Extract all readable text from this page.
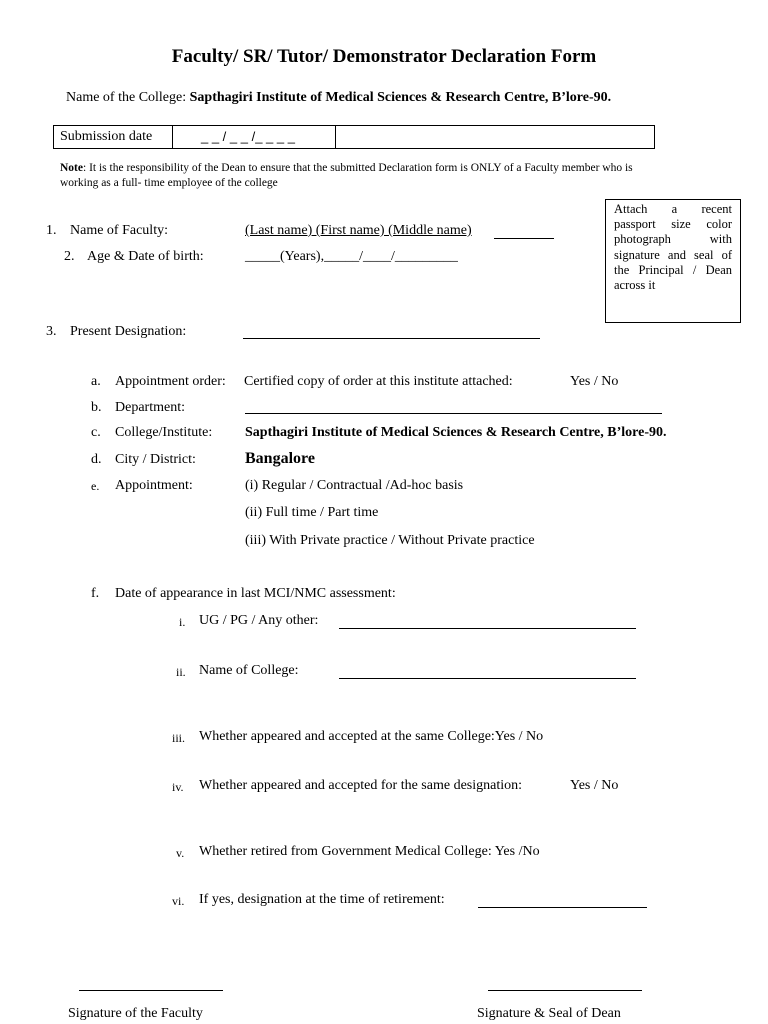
Faculty/ SR/ Tutor/ Demonstrator Declaration Form
Name of the College: Sapthagiri Institute of Medical Sciences & Research Centre, B’lore-90.
Submission date	_ _ / _ _ /_ _ _ _
Note: It is the responsibility of the Dean to ensure that the submitted Declaration form is ONLY of a Faculty member who is working as a full- time employee of the college
Attach a recent passport size color photograph with signature and seal of the Principal / Dean across it
1. Name of Faculty:	(Last name) (First name) (Middle name)
2. Age & Date of birth:	_____(Years),_____/____/_________
3. Present Designation:
a. Appointment order: Certified copy of order at this institute attached:	Yes / No
b. Department:
c. College/Institute: Sapthagiri Institute of Medical Sciences & Research Centre, B’lore-90.
d. City / District:	Bangalore
e. Appointment:	(i) Regular / Contractual /Ad-hoc basis
(ii) Full time / Part time
(iii) With Private practice / Without Private practice
f. Date of appearance in last MCI/NMC assessment:
i. UG / PG / Any other:
ii. Name of College:
iii. Whether appeared and accepted at the same College:Yes / No
iv. Whether appeared and accepted for the same designation:	Yes / No
v. Whether retired from Government Medical College: Yes /No
vi. If yes, designation at the time of retirement:
Signature of the Faculty	Signature & Seal of Dean
